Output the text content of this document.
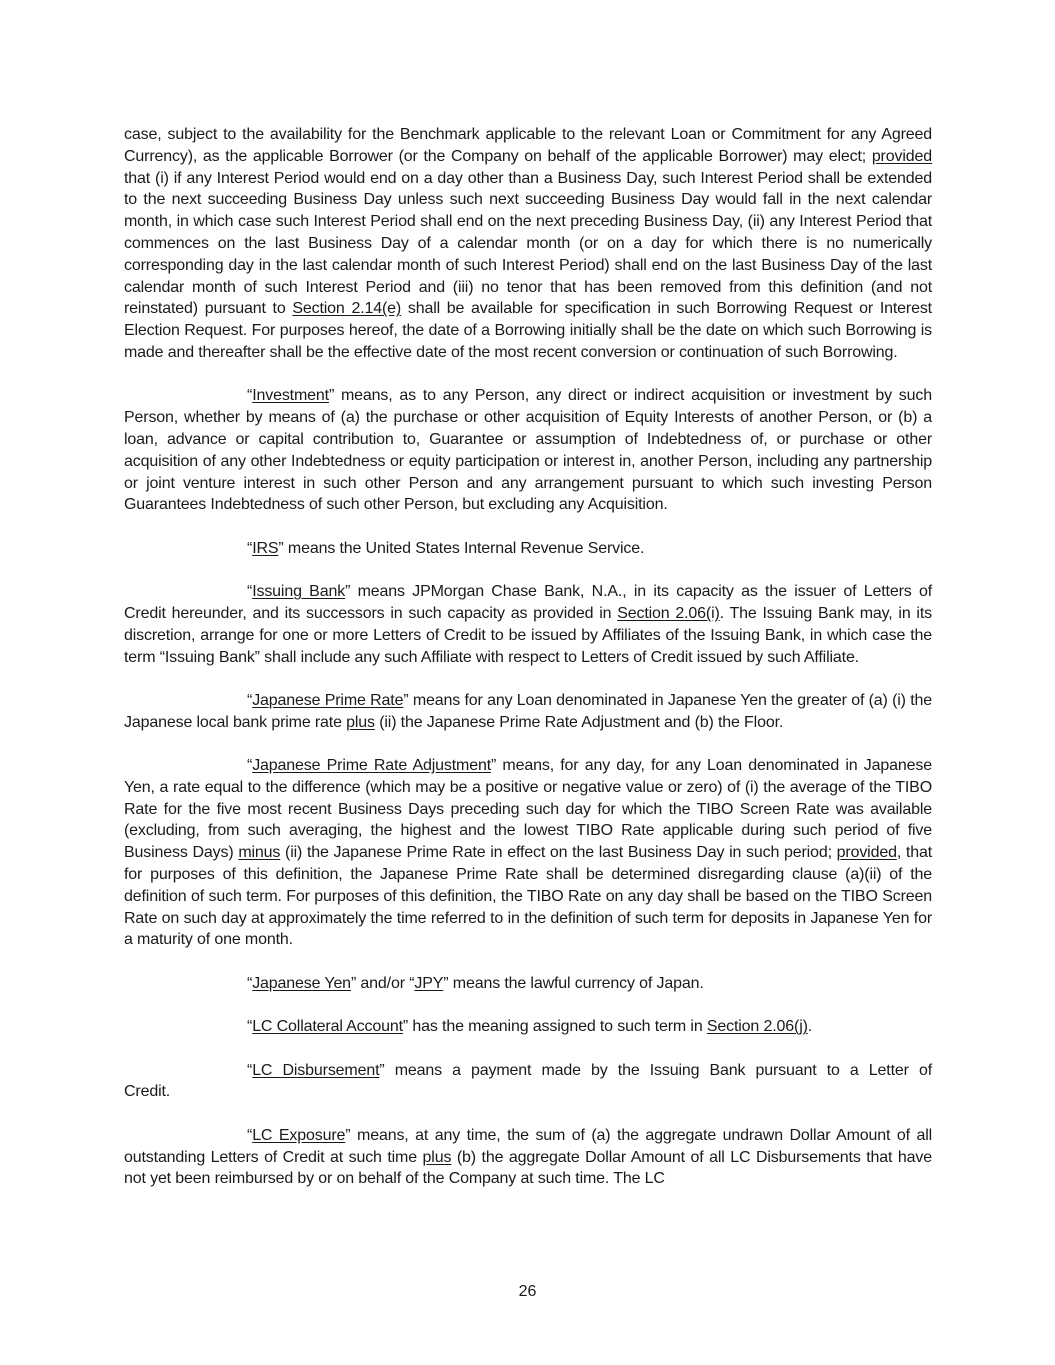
case, subject to the availability for the Benchmark applicable to the relevant Loan or Commitment for any Agreed Currency), as the applicable Borrower (or the Company on behalf of the applicable Borrower) may elect; provided that (i) if any Interest Period would end on a day other than a Business Day, such Interest Period shall be extended to the next succeeding Business Day unless such next succeeding Business Day would fall in the next calendar month, in which case such Interest Period shall end on the next preceding Business Day, (ii) any Interest Period that commences on the last Business Day of a calendar month (or on a day for which there is no numerically corresponding day in the last calendar month of such Interest Period) shall end on the last Business Day of the last calendar month of such Interest Period and (iii) no tenor that has been removed from this definition (and not reinstated) pursuant to Section 2.14(e) shall be available for specification in such Borrowing Request or Interest Election Request. For purposes hereof, the date of a Borrowing initially shall be the date on which such Borrowing is made and thereafter shall be the effective date of the most recent conversion or continuation of such Borrowing.

“Investment” means, as to any Person, any direct or indirect acquisition or investment by such Person, whether by means of (a) the purchase or other acquisition of Equity Interests of another Person, or (b) a loan, advance or capital contribution to, Guarantee or assumption of Indebtedness of, or purchase or other acquisition of any other Indebtedness or equity participation or interest in, another Person, including any partnership or joint venture interest in such other Person and any arrangement pursuant to which such investing Person Guarantees Indebtedness of such other Person, but excluding any Acquisition.

“IRS” means the United States Internal Revenue Service.

“Issuing Bank” means JPMorgan Chase Bank, N.A., in its capacity as the issuer of Letters of Credit hereunder, and its successors in such capacity as provided in Section 2.06(i). The Issuing Bank may, in its discretion, arrange for one or more Letters of Credit to be issued by Affiliates of the Issuing Bank, in which case the term “Issuing Bank” shall include any such Affiliate with respect to Letters of Credit issued by such Affiliate.

“Japanese Prime Rate” means for any Loan denominated in Japanese Yen the greater of (a) (i) the Japanese local bank prime rate plus (ii) the Japanese Prime Rate Adjustment and (b) the Floor.

“Japanese Prime Rate Adjustment” means, for any day, for any Loan denominated in Japanese Yen, a rate equal to the difference (which may be a positive or negative value or zero) of (i) the average of the TIBO Rate for the five most recent Business Days preceding such day for which the TIBO Screen Rate was available (excluding, from such averaging, the highest and the lowest TIBO Rate applicable during such period of five Business Days) minus (ii) the Japanese Prime Rate in effect on the last Business Day in such period; provided, that for purposes of this definition, the Japanese Prime Rate shall be determined disregarding clause (a)(ii) of the definition of such term. For purposes of this definition, the TIBO Rate on any day shall be based on the TIBO Screen Rate on such day at approximately the time referred to in the definition of such term for deposits in Japanese Yen for a maturity of one month.

“Japanese Yen” and/or “JPY” means the lawful currency of Japan.

“LC Collateral Account” has the meaning assigned to such term in Section 2.06(j).

“LC Disbursement” means a payment made by the Issuing Bank pursuant to a Letter of

Credit.

“LC Exposure” means, at any time, the sum of (a) the aggregate undrawn Dollar Amount of all outstanding Letters of Credit at such time plus (b) the aggregate Dollar Amount of all LC Disbursements that have not yet been reimbursed by or on behalf of the Company at such time. The LC

26
